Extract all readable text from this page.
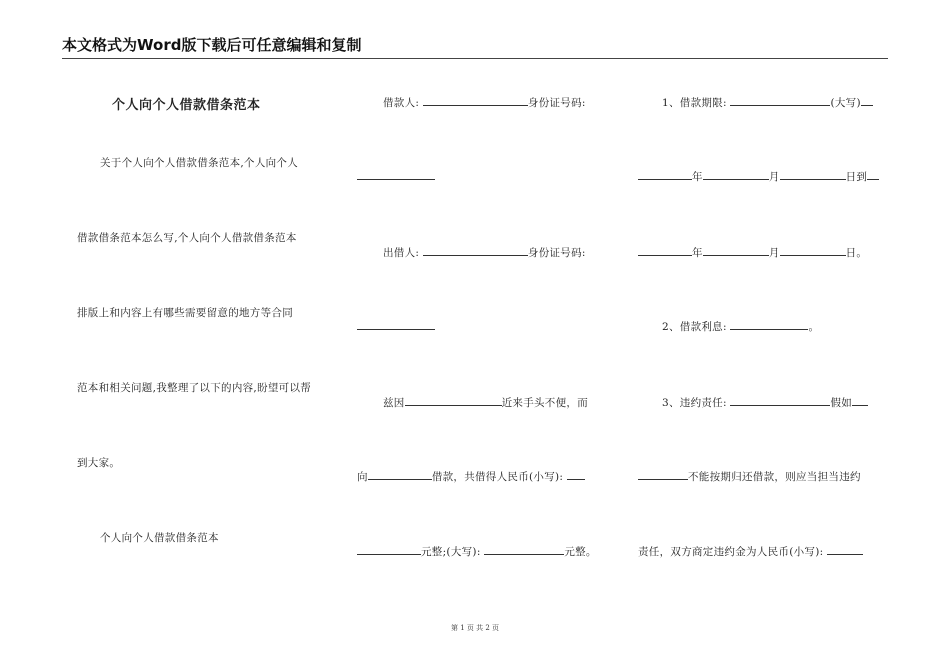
本文格式为Word版下载后可任意编辑和复制
个人向个人借款借条范本
关于个人向个人借款借条范本,个人向个人
借款借条范本怎么写,个人向个人借款借条范本
排版上和内容上有哪些需要留意的地方等合同
范本和相关问题,我整理了以下的内容,盼望可以帮
到大家。
个人向个人借款借条范本
借款人:	身份证号码:
出借人:	身份证号码:
兹因	近来手头不便，而
向	借款，共借得人民币(小写):
元整;(大写):	元整。
1、借款期限:	(大写)
年	月	日到
年	月	日。
2、借款利息:	。
3、违约责任:	假如
不能按期归还借款，则应当担当违约
责任，双方商定违约金为人民币(小写):
第 1 页 共 2 页
